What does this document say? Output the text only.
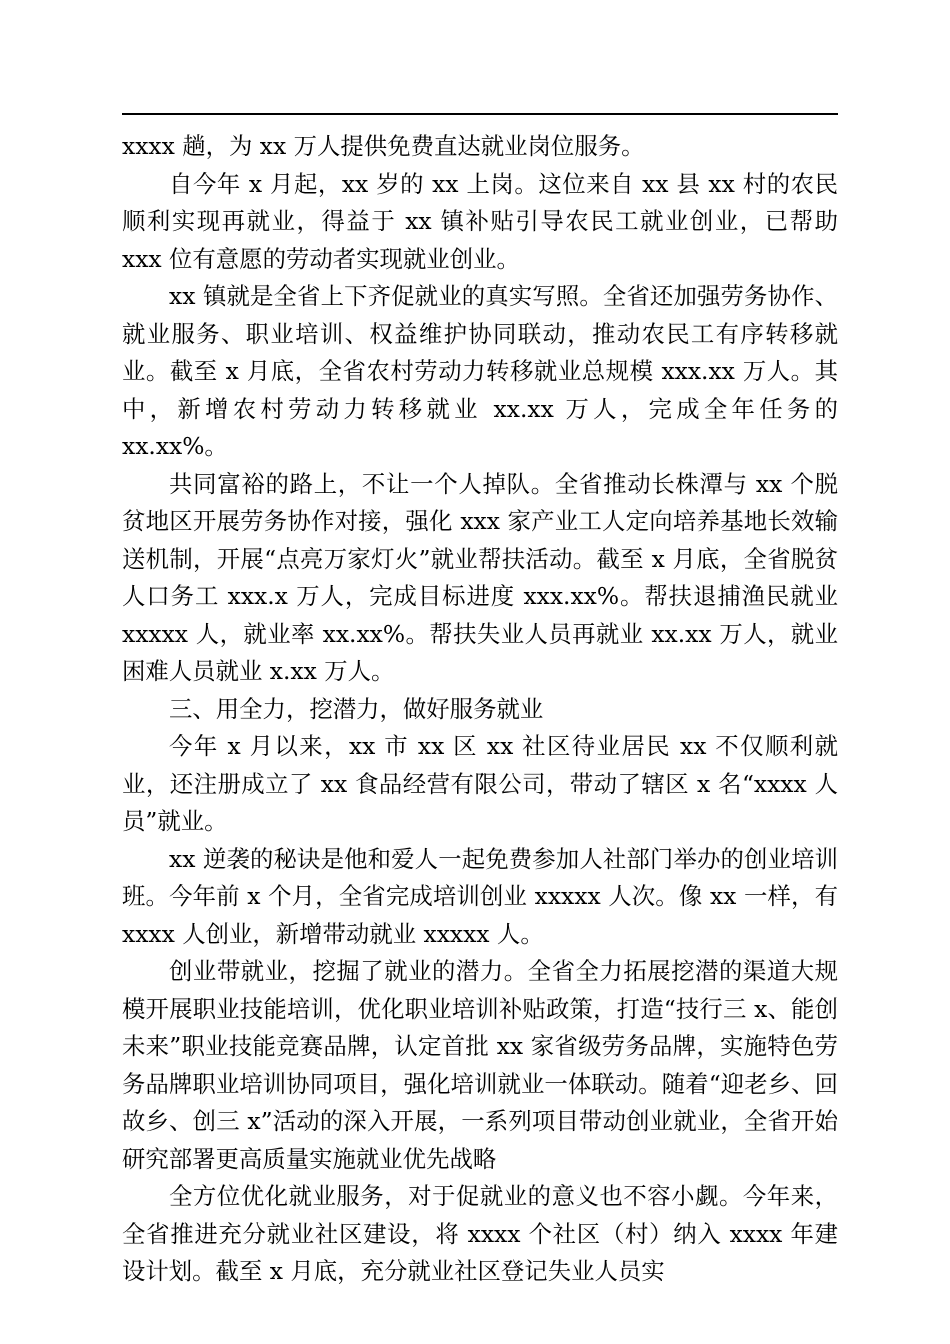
xxxx 趟，为 xx 万人提供免费直达就业岗位服务。

自今年 x 月起，xx 岁的 xx 上岗。这位来自 xx 县 xx 村的农民顺利实现再就业，得益于 xx 镇补贴引导农民工就业创业，已帮助 xxx 位有意愿的劳动者实现就业创业。

xx 镇就是全省上下齐促就业的真实写照。全省还加强劳务协作、就业服务、职业培训、权益维护协同联动，推动农民工有序转移就业。截至 x 月底，全省农村劳动力转移就业总规模 xxx.xx 万人。其中，新增农村劳动力转移就业 xx.xx 万人，完成全年任务的 xx.xx%。

共同富裕的路上，不让一个人掉队。全省推动长株潭与 xx 个脱贫地区开展劳务协作对接，强化 xxx 家产业工人定向培养基地长效输送机制，开展“点亮万家灯火”就业帮扶活动。截至 x 月底，全省脱贫人口务工 xxx.x 万人，完成目标进度 xxx.xx%。帮扶退捕渔民就业 xxxxx 人，就业率 xx.xx%。帮扶失业人员再就业 xx.xx 万人，就业困难人员就业 x.xx 万人。

三、用全力，挖潜力，做好服务就业

今年 x 月以来，xx 市 xx 区 xx 社区待业居民 xx 不仅顺利就业，还注册成立了 xx 食品经营有限公司，带动了辖区 x 名“xxxx 人员”就业。

xx 逆袭的秘诀是他和爱人一起免费参加人社部门举办的创业培训班。今年前 x 个月，全省完成培训创业 xxxxx 人次。像 xx 一样，有 xxxx 人创业，新增带动就业 xxxxx 人。

创业带就业，挖掘了就业的潜力。全省全力拓展挖潜的渠道大规模开展职业技能培训，优化职业培训补贴政策，打造“技行三 x、能创未来”职业技能竞赛品牌，认定首批 xx 家省级劳务品牌，实施特色劳务品牌职业培训协同项目，强化培训就业一体联动。随着“迎老乡、回故乡、创三 x”活动的深入开展，一系列项目带动创业就业，全省开始研究部署更高质量实施就业优先战略

全方位优化就业服务，对于促就业的意义也不容小觑。今年来，全省推进充分就业社区建设，将 xxxx 个社区（村）纳入 xxxx 年建设计划。截至 x 月底，充分就业社区登记失业人员实
